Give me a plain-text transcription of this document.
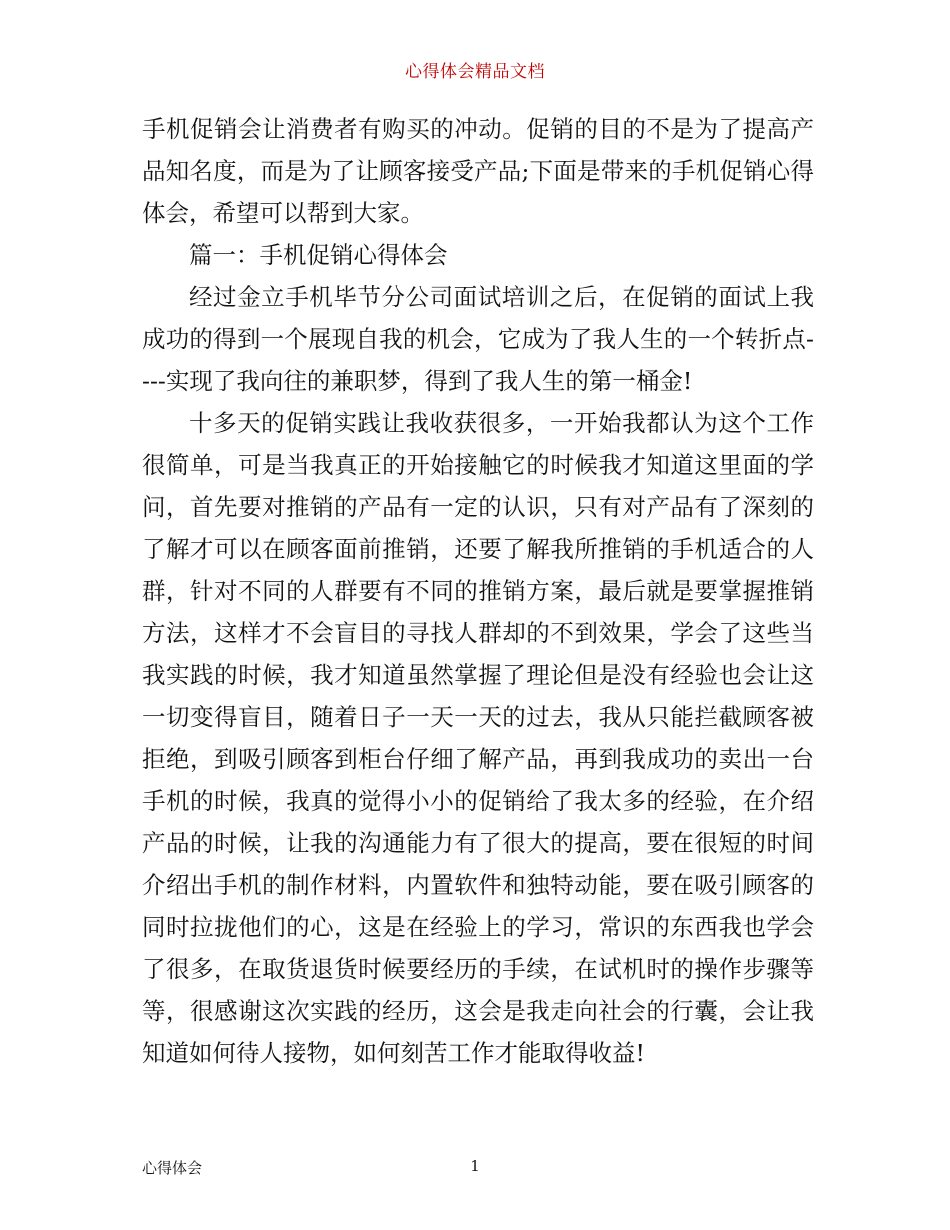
心得体会精品文档

手机促销会让消费者有购买的冲动。促销的目的不是为了提高产品知名度，而是为了让顾客接受产品;下面是带来的手机促销心得体会，希望可以帮到大家。

篇一：手机促销心得体会

经过金立手机毕节分公司面试培训之后，在促销的面试上我成功的得到一个展现自我的机会，它成为了我人生的一个转折点----实现了我向往的兼职梦，得到了我人生的第一桶金!

十多天的促销实践让我收获很多，一开始我都认为这个工作很简单，可是当我真正的开始接触它的时候我才知道这里面的学问，首先要对推销的产品有一定的认识，只有对产品有了深刻的了解才可以在顾客面前推销，还要了解我所推销的手机适合的人群，针对不同的人群要有不同的推销方案，最后就是要掌握推销方法，这样才不会盲目的寻找人群却的不到效果，学会了这些当我实践的时候，我才知道虽然掌握了理论但是没有经验也会让这一切变得盲目，随着日子一天一天的过去，我从只能拦截顾客被拒绝，到吸引顾客到柜台仔细了解产品，再到我成功的卖出一台手机的时候，我真的觉得小小的促销给了我太多的经验，在介绍产品的时候，让我的沟通能力有了很大的提高，要在很短的时间介绍出手机的制作材料，内置软件和独特动能，要在吸引顾客的同时拉拢他们的心，这是在经验上的学习，常识的东西我也学会了很多，在取货退货时候要经历的手续，在试机时的操作步骤等等，很感谢这次实践的经历，这会是我走向社会的行囊，会让我知道如何待人接物，如何刻苦工作才能取得收益!

心得体会	1
